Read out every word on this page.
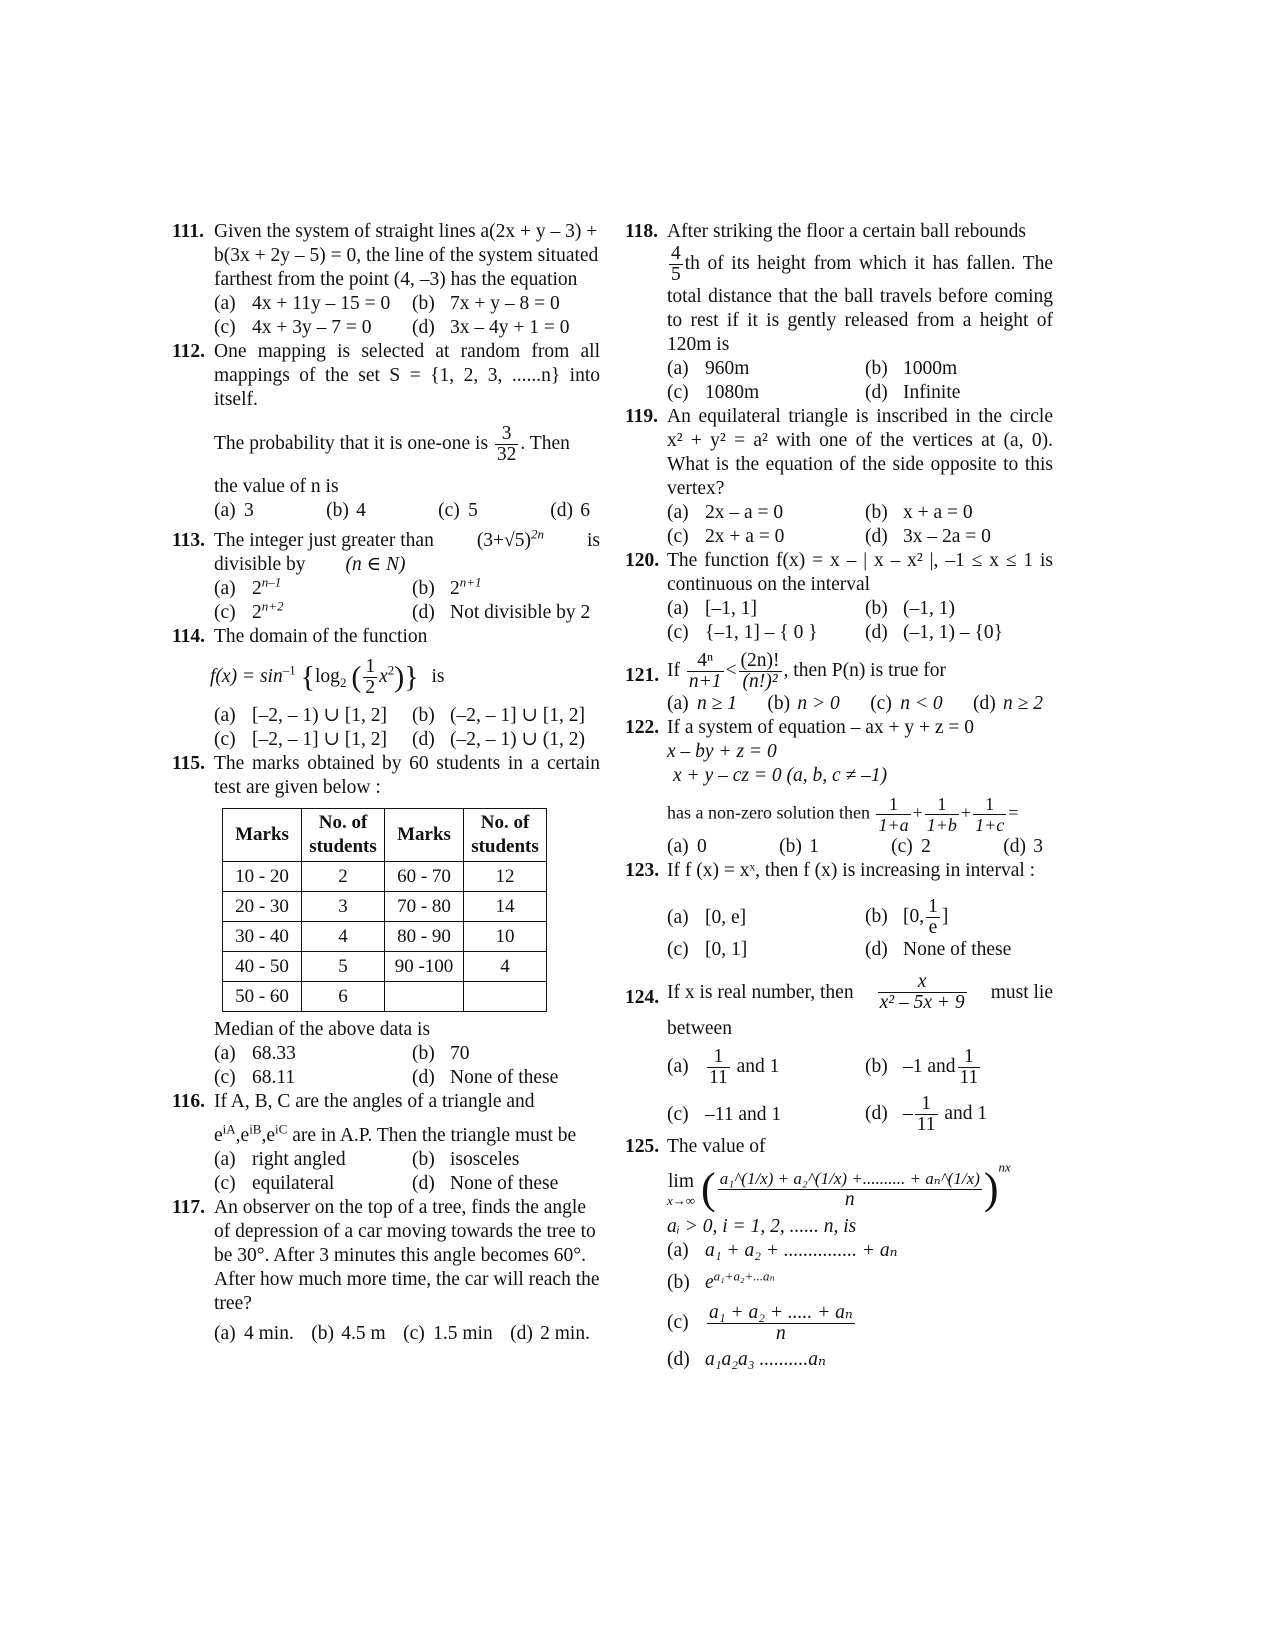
111. Given the system of straight lines a(2x + y – 3) + b(3x + 2y – 5) = 0, the line of the system situated farthest from the point (4, –3) has the equation
(a) 4x + 11y – 15 = 0	(b) 7x + y – 8 = 0
(c) 4x + 3y – 7 = 0	(d) 3x – 4y + 1 = 0
112. One mapping is selected at random from all mappings of the set S = {1, 2, 3, ......n} into itself.
The probability that it is one-one is $\frac{3}{32}$ . Then
the value of n is
(a) 3	(b) 4	(c) 5	(d) 6
113. The integer just greater than $(3+√5)^{2n}$ is
divisible by (n ∈ N)
(a) 2$^{n-1}$	(b) $2^{n+1}$
(c) $2^{n+2}$	(d) Not divisible by 2
114. The domain of the function
$f(x) = \sin^{-1} \{\log_2$ ( $\frac{1}{2} x^2$)} is
(a) [–2, – 1) ∪ [1, 2]	(b) (–2, – 1] ∪ [1, 2]
(c) [–2, – 1] ∪ [1, 2]	(d) (–2, – 1) ∪ (1, 2)
115. The marks obtained by 60 students in a certain test are given below :
Marks	No. of students	Marks	No. of students
10 - 20	2	60 - 70	12
20 - 30	3	70 - 80	14
30 - 40	4	80 - 90	10
40 - 50	5	90 -100	4
50 - 60	6		
Median of the above data is
(a) 68.33	(b) 70
(c) 68.11	(d) None of these
116. If A, B, C are the angles of a triangle and
$e^{iA},e^{iB},e^{iC}$ are in A.P. Then the triangle must be
(a) right angled	(b) isosceles
(c) equilateral	(d) None of these
117. An observer on the top of a tree, finds the angle of depression of a car moving towards the tree to be 30°. After 3 minutes this angle becomes 60°. After how much more time, the car will reach the tree?
(a) 4 min. (b) 4.5 m (c) 1.5 min (d) 2 min.
118. After striking the floor a certain ball rebounds
$\frac{4}{5}$ th of its height from which it has fallen. The total distance that the ball travels before coming to rest if it is gently released from a height of 120m is
(a) 960m	(b) 1000m
(c) 1080m	(d) Infinite
119. An equilateral triangle is inscribed in the circle x² + y² = a² with one of the vertices at (a, 0). What is the equation of the side opposite to this vertex?
(a) 2x – a = 0	(b) x + a = 0
(c) 2x + a = 0	(d) 3x – 2a = 0
120. The function f(x) = x – | x – x² |, –1 ≤ x ≤ 1 is continuous on the interval
(a) [–1, 1]	(b) (–1, 1)
(c) {–1, 1] – { 0 }	(d) (–1, 1) – {0}
121. If $\frac{\text{4ⁿ}}{n+1} < \frac{(2n)!}{\text{(n!)²}}$ , then P(n) is true for
(a) n ≥ 1 (b) n > 0 (c) n < 0 (d) n ≥ 2
122. If a system of equation – ax + y + z = 0
x – by + z = 0
x + y – cz = 0 (a, b, c ≠ –1)
has a non-zero solution then $\frac{1}{1+a} + \frac{1}{1+b} + \frac{1}{1+c}$ =
(a) 0	(b) 1	(c) 2	(d) 3
123. If f (x) = xˣ, then f (x) is increasing in interval :
(a) [0, e]	(b) [0, $\frac{1}{e}$ ]
(c) [0, 1]	(d) None of these
124. If x is real number, then $\frac{x}{\text{x² – 5x + 9}}$ must lie
between
$(a) \frac{1}{11}$ and 1	(b) –1 and $\frac{1}{11}$
(c) –11 and 1	$(d) - \frac{1}{11}$ and 1
125. The value of
lim
x→∞ ( $\frac{\text{a₁\textasciicircum{}(1/x) + a₂\textasciicircum{}(1/x) +.......... + aₙ\textasciicircum{}(1/x)}}{n} )^{nx}$
aᵢ > 0, i = 1, 2, ...... n, is
(a) a₁ + a₂ + ............... + aₙ
(b) $e^{a_1+a_2+...a_n}$
$(c) \frac{\text{a₁ + a₂ + ..... + aₙ}}{n}$
(d) a₁a₂a₃ ..........aₙ
